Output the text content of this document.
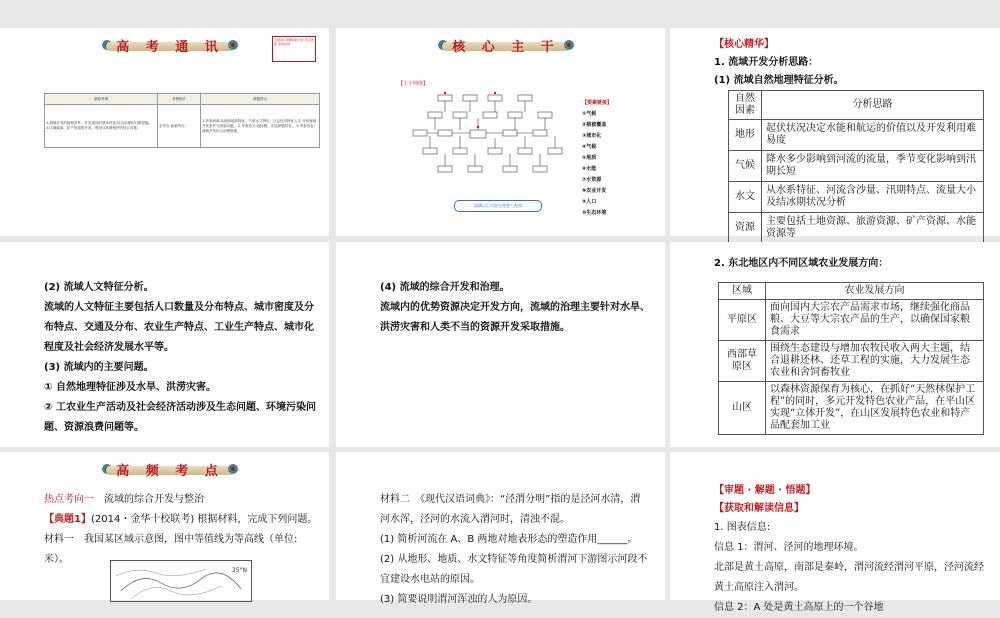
高 考 通 讯	全国卷II 命题趋向分析 考点透视 备考指导
最新考纲	考频统计	命题特点
1.流域开发的地理条件、开发建设的基本内容;综合治理的对策措施。 2.区域能源、矿产资源的开发、利用与环境保护的综合对策。	必考点:高频考点:	1.考查流域:从地形地质特征、气候水文特征、社会经济特征入手,分析流域开发条件与面临问题。 2.考查形式:选择题、非选择题均有。 3.考查内容:流域开发综合治理措施。
核 心 主 干
【主干网络】
【要素链接】
①气候
②植被覆盖
③城市化
④气候
⑤地质
⑥水能
⑦水资源
⑧农业开发
⑨人口
⑩生态环境
流域以上内容在理想大视图
【核心精华】
1. 流域开发分析思路：
(1) 流域自然地理特征分析。
自然因素	分析思路
地形	起伏状况决定水能和航运的价值以及开发利用难易度
气候	降水多少影响到河流的流量，季节变化影响到汛期长短
水文	从水系特征、河流含沙量、汛期特点、流量大小及结冰期状况分析
资源	主要包括土地资源、旅游资源、矿产资源、水能资源等
(2) 流域人文特征分析。
流域的人文特征主要包括人口数量及分布特点、城市密度及分
布特点、交通及分布、农业生产特点、工业生产特点、城市化
程度及社会经济发展水平等。
(3) 流域内的主要问题。
① 自然地理特征涉及水旱、洪涝灾害。
② 工农业生产活动及社会经济活动涉及生态问题、环境污染问
题、资源浪费问题等。
(4) 流域的综合开发和治理。
流域内的优势资源决定开发方向，流域的治理主要针对水旱、
洪涝灾害和人类不当的资源开发采取措施。
2. 东北地区内不同区域农业发展方向：
区域	农业发展方向
平原区	面向国内大宗农产品需求市场，继续强化商品粮、大豆等大宗农产品的生产，以确保国家粮食需求
西部草原区	围绕生态建设与增加农牧民收入两大主题，结合退耕还林、还草工程的实施，大力发展生态农业和舍饲畜牧业
山区	以森林资源保育为核心，在抓好“天然林保护工程”的同时，多元开发特色农业产品，在平山区实现“立体开发”，在山区发展特色农业和特产品配套加工业
高 频 考 点
热点考向一　 流域的综合开发与整治
【典题1】(2014・金华十校联考) 根据材料，完成下列问题。
材料一　我国某区域示意图，图中等值线为等高线（单位:
米）。
35°N
材料二　《现代汉语词典》：“泾渭分明”指的是泾河水清，渭
河水浑，泾河的水流入渭河时，清浊不混。
(1) 简析河流在 A、B 两地对地表形态的塑造作用______。
(2) 从地形、地质、水文特征等角度简析渭河下游图示河段不
宜建设水电站的原因。
(3) 简要说明渭河浑浊的人为原因。
【审题 · 解题 · 悟题】
【获取和解读信息】
1. 图表信息:
信息 1：渭河、泾河的地理环境。
北部是黄土高原，南部是秦岭，渭河流经渭河平原，泾河流经
黄土高原注入渭河。
信息 2：A 处是黄土高原上的一个谷地
